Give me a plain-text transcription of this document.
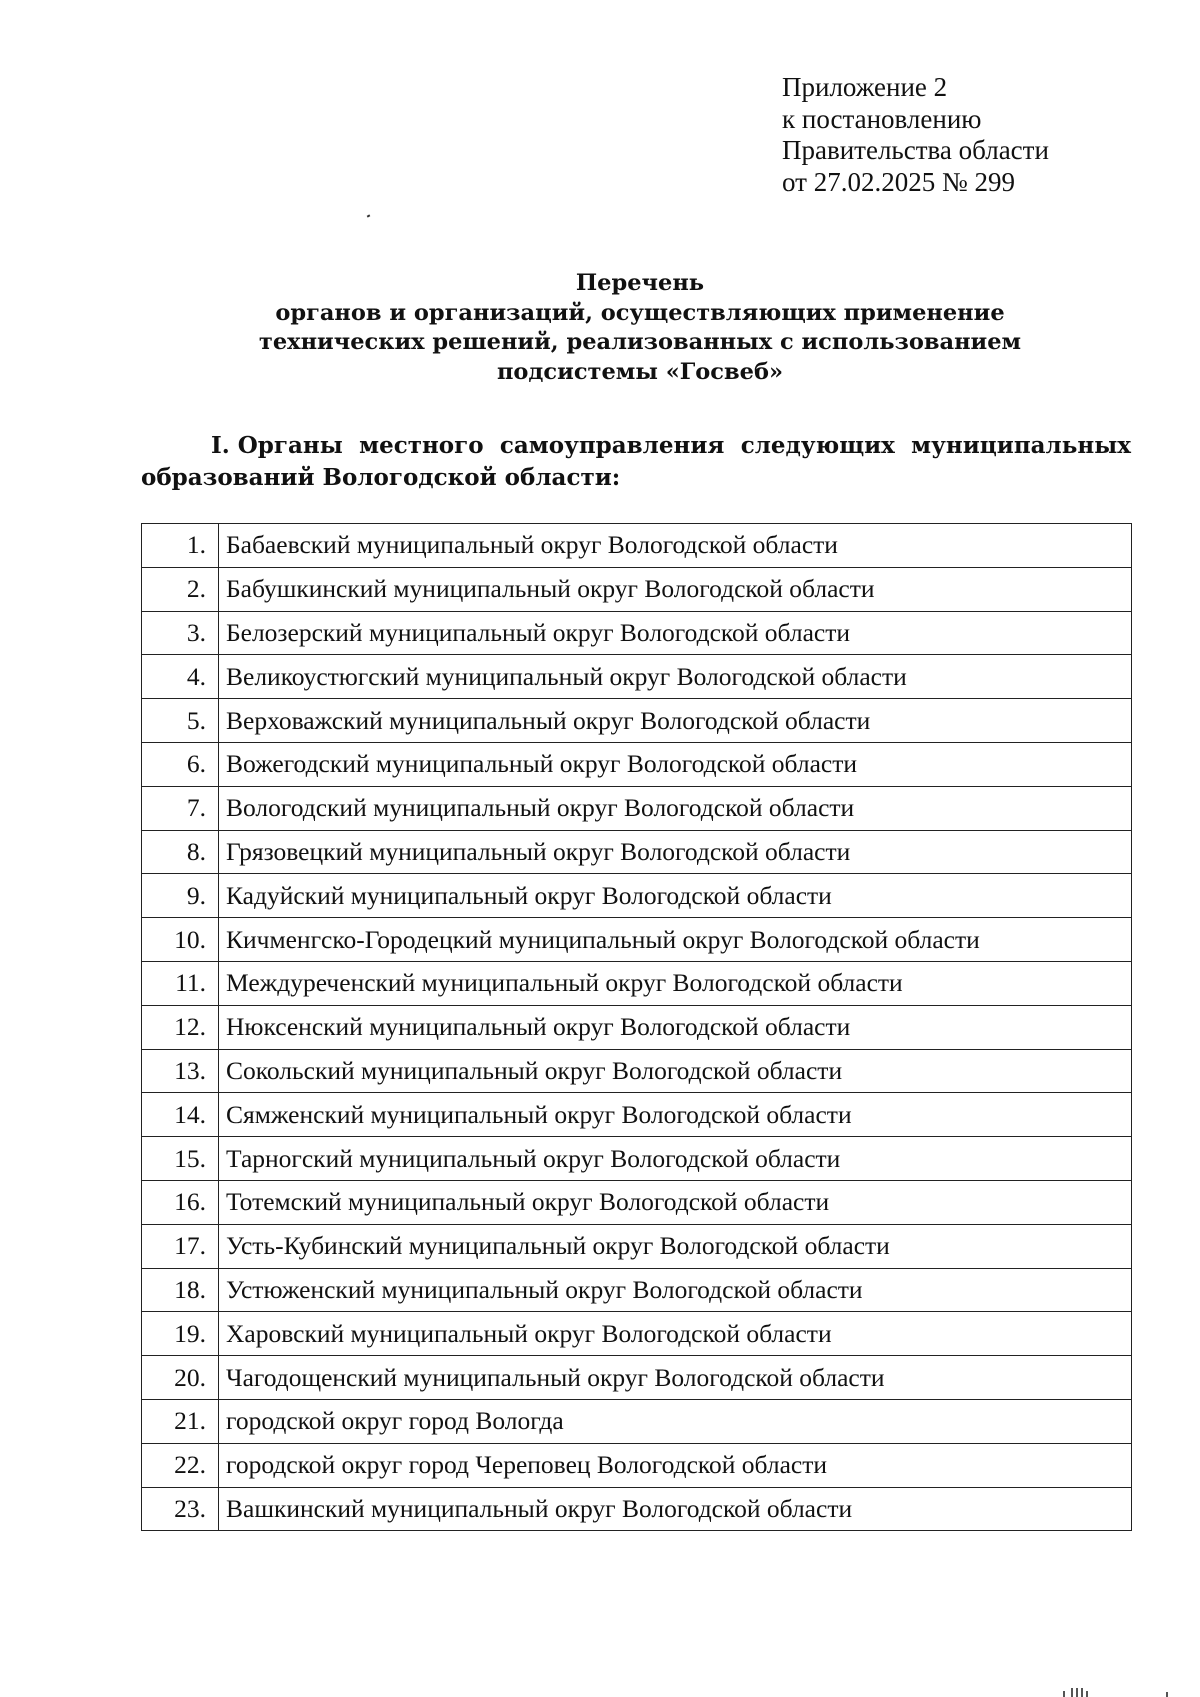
Приложение 2
к постановлению
Правительства области
от 27.02.2025 № 299
Перечень
органов и организаций, осуществляющих применение
технических решений, реализованных с использованием
подсистемы «Госвеб»
I. Органы местного самоуправления следующих муниципальных
образований Вологодской области:
1.	Бабаевский муниципальный округ Вологодской области
2.	Бабушкинский муниципальный округ Вологодской области
3.	Белозерский муниципальный округ Вологодской области
4.	Великоустюгский муниципальный округ Вологодской области
5.	Верховажский муниципальный округ Вологодской области
6.	Вожегодский муниципальный округ Вологодской области
7.	Вологодский муниципальный округ Вологодской области
8.	Грязовецкий муниципальный округ Вологодской области
9.	Кадуйский муниципальный округ Вологодской области
10.	Кичменгско-Городецкий муниципальный округ Вологодской области
11.	Междуреченский муниципальный округ Вологодской области
12.	Нюксенский муниципальный округ Вологодской области
13.	Сокольский муниципальный округ Вологодской области
14.	Сямженский муниципальный округ Вологодской области
15.	Тарногский муниципальный округ Вологодской области
16.	Тотемский муниципальный округ Вологодской области
17.	Усть-Кубинский муниципальный округ Вологодской области
18.	Устюженский муниципальный округ Вологодской области
19.	Харовский муниципальный округ Вологодской области
20.	Чагодощенский муниципальный округ Вологодской области
21.	городской округ город Вологда
22.	городской округ город Череповец Вологодской области
23.	Вашкинский муниципальный округ Вологодской области
